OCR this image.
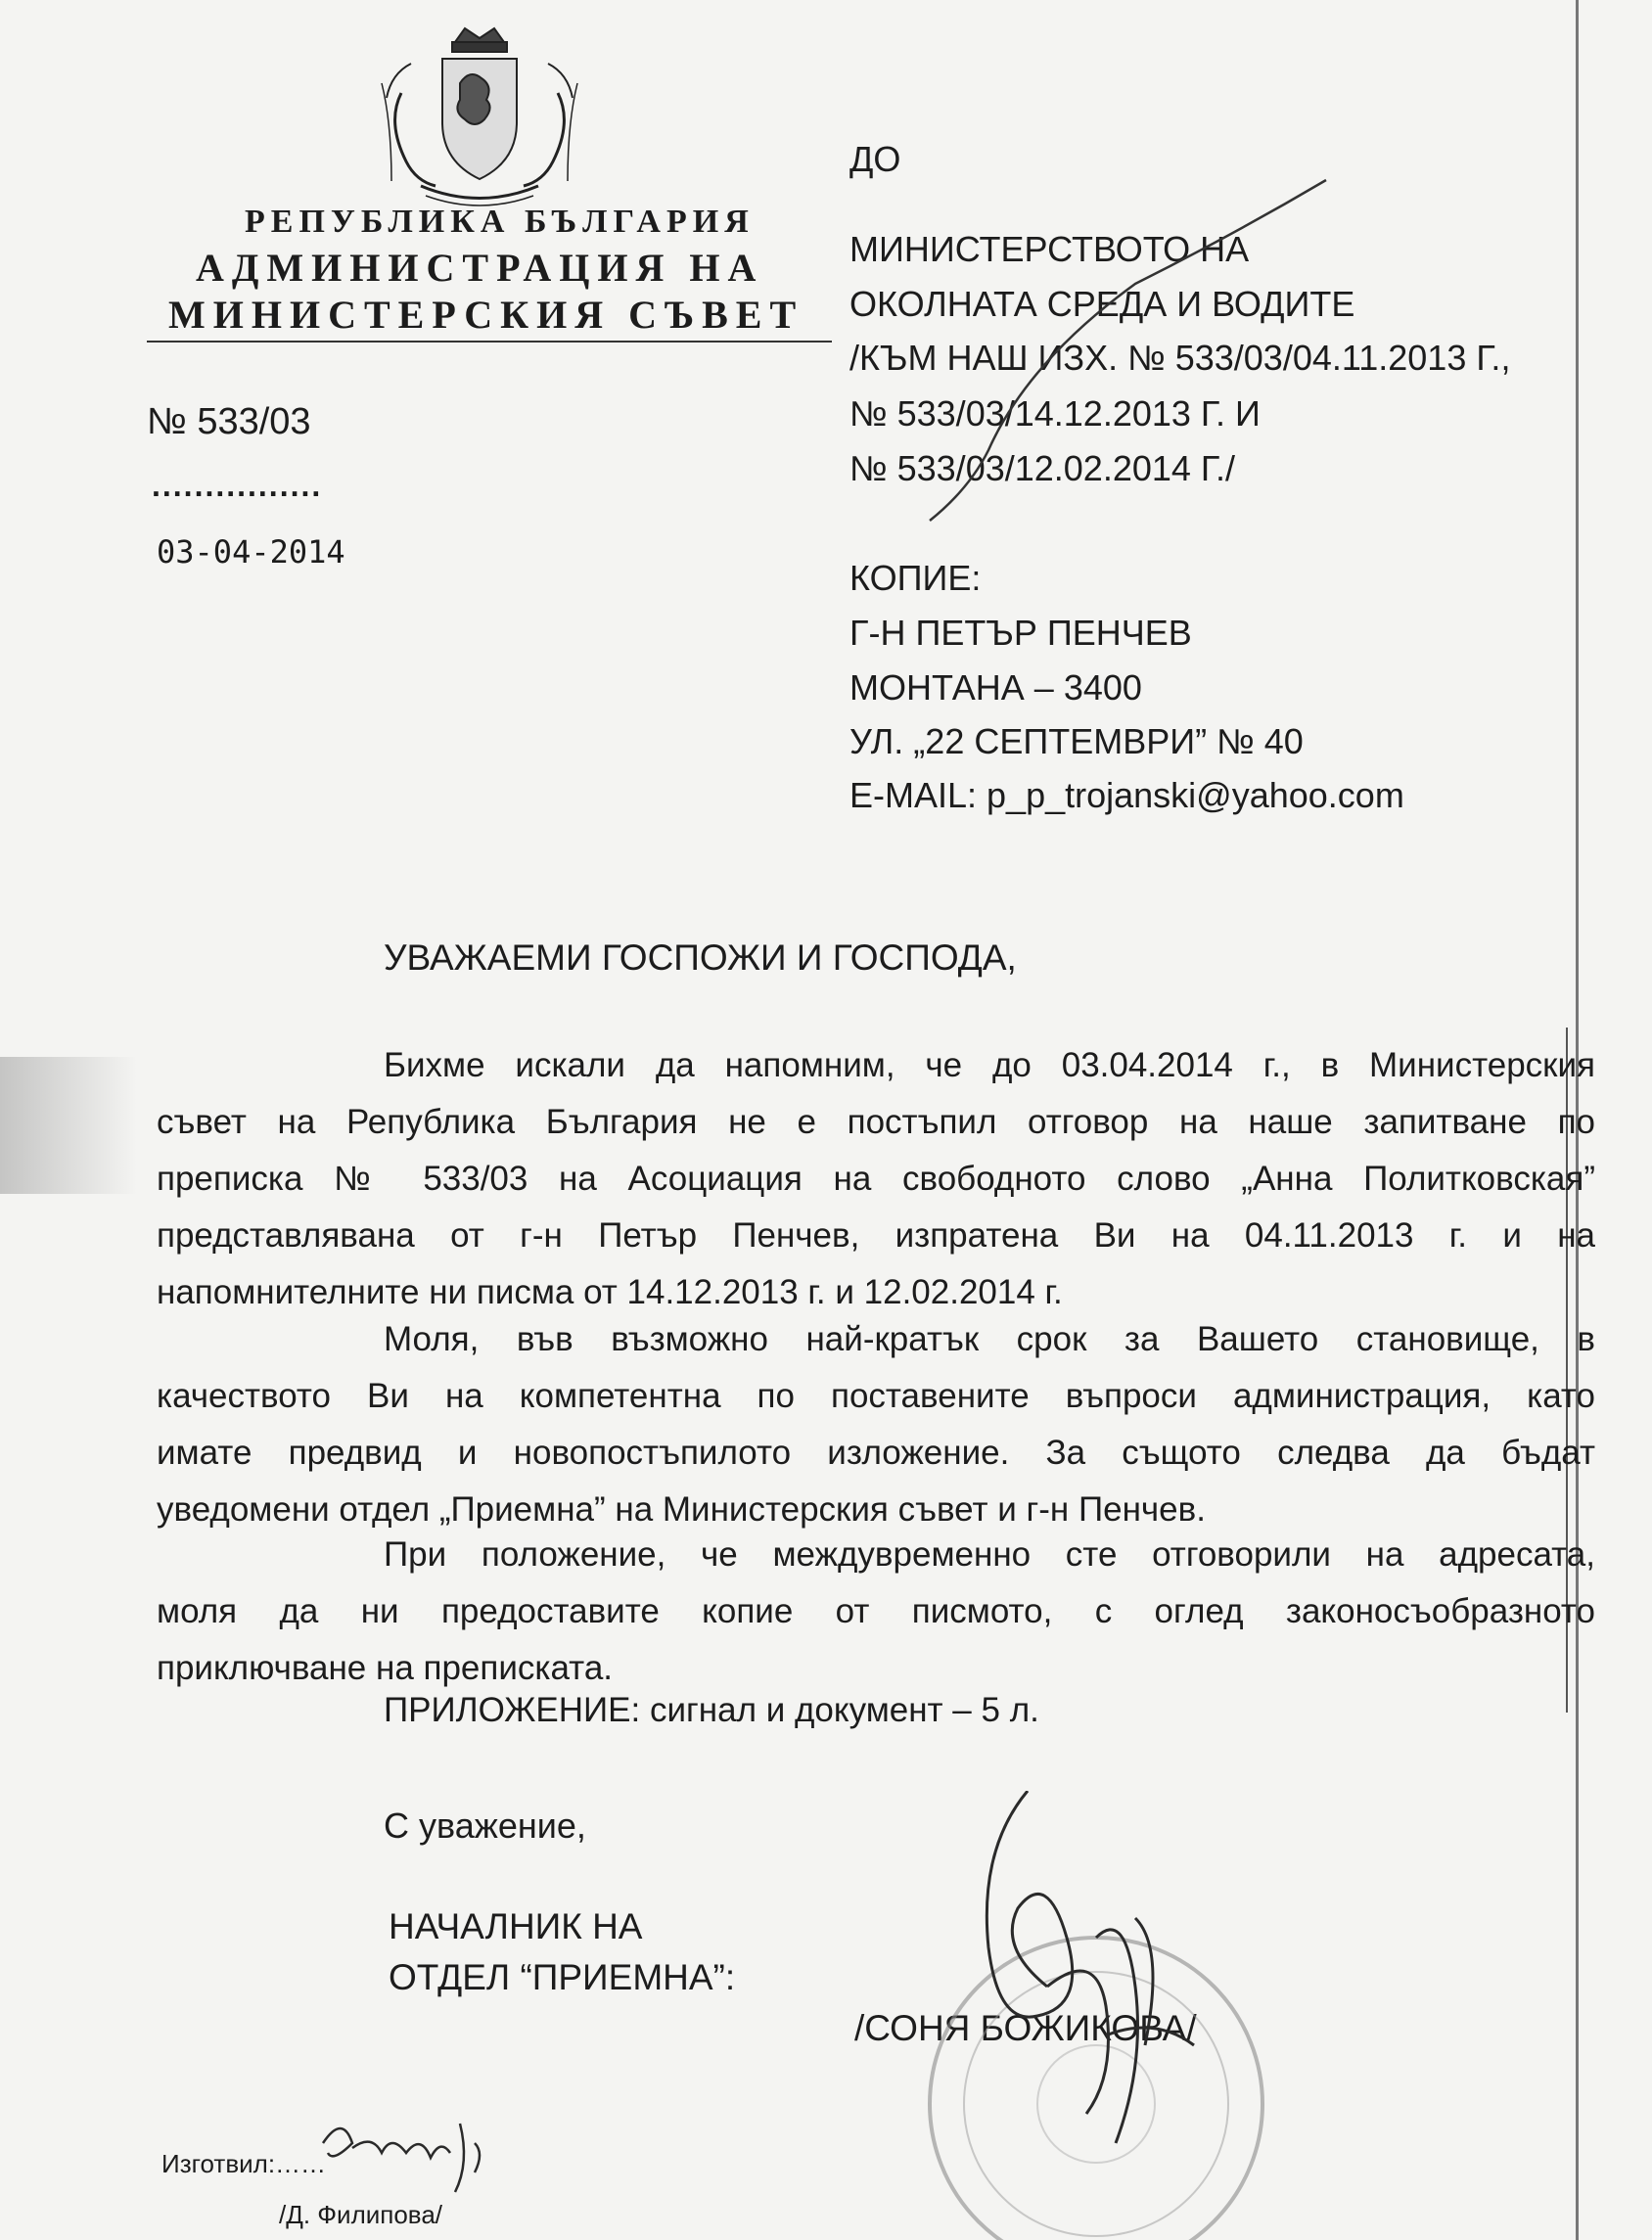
РЕПУБЛИКА БЪЛГАРИЯ
АДМИНИСТРАЦИЯ НА
МИНИСТЕРСКИЯ СЪВЕТ
№ 533/03
................
03-04-2014
ДО
МИНИСТЕРСТВОТО НА
ОКОЛНАТА СРЕДА И ВОДИТЕ
/КЪМ НАШ ИЗХ. № 533/03/04.11.2013 Г.,
№ 533/03/14.12.2013 Г. И
№ 533/03/12.02.2014 Г./
КОПИЕ:
Г-Н ПЕТЪР ПЕНЧЕВ
МОНТАНА – 3400
УЛ. „22 СЕПТЕМВРИ” № 40
E-MAIL: p_p_trojanski@yahoo.com
УВАЖАЕМИ ГОСПОЖИ И ГОСПОДА,
Бихме искали да напомним, че до 03.04.2014 г., в Министерския
съвет на Република България не е постъпил отговор на наше запитване по
преписка № 533/03 на Асоциация на свободното слово „Анна Политковская”
представлявана от г-н Петър Пенчев, изпратена Ви на 04.11.2013 г. и на
напомнителните ни писма от 14.12.2013 г. и 12.02.2014 г.
Моля, във възможно най-кратък срок за Вашето становище, в
качеството Ви на компетентна по поставените въпроси администрация, като
имате предвид и новопостъпилото изложение. За същото следва да бъдат
уведомени отдел „Приемна” на Министерския съвет и г-н Пенчев.
При положение, че междувременно сте отговорили на адресата,
моля да ни предоставите копие от писмото, с оглед законосъобразното
приключване на преписката.
ПРИЛОЖЕНИЕ: сигнал и документ – 5 л.
С уважение,
НАЧАЛНИК НА
ОТДЕЛ “ПРИЕМНА”:
/СОНЯ БОЖИКОВА/
Изготвил:……
/Д. Филипова/
